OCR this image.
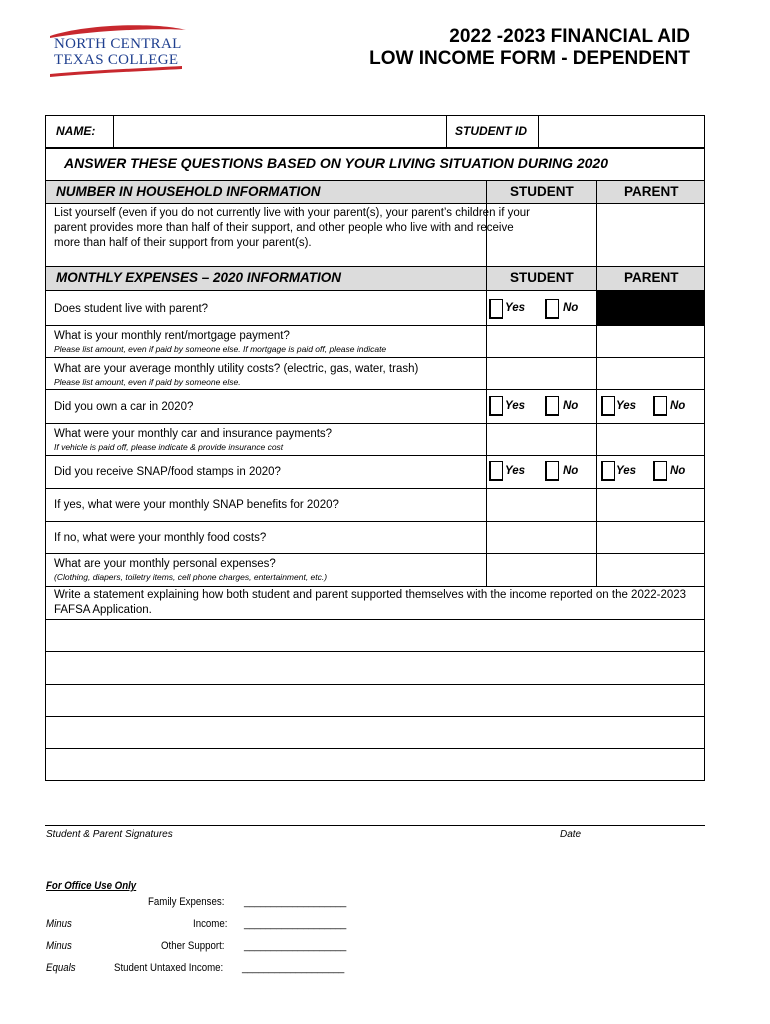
NORTH CENTRAL
TEXAS COLLEGE
2022 -2023 FINANCIAL AID
LOW INCOME FORM - DEPENDENT
NAME:	STUDENT ID
ANSWER THESE QUESTIONS BASED ON YOUR LIVING SITUATION DURING 2020
NUMBER IN HOUSEHOLD INFORMATION	STUDENT	PARENT
List yourself (even if you do not currently live with your parent(s), your parent’s children if your parent provides more than half of their support, and other people who live with and receive more than half of their support from your parent(s).
MONTHLY EXPENSES – 2020 INFORMATION	STUDENT	PARENT
Does student live with parent?	Yes	No
What is your monthly rent/mortgage payment?
Please list amount, even if paid by someone else. If mortgage is paid off, please indicate
What are your average monthly utility costs? (electric, gas, water, trash)
Please list amount, even if paid by someone else.
Did you own a car in 2020?	Yes	No	Yes	No
What were your monthly car and insurance payments?
If vehicle is paid off, please indicate & provide insurance cost
Did you receive SNAP/food stamps in 2020?	Yes	No	Yes	No
If yes, what were your monthly SNAP benefits for 2020?
If no, what were your monthly food costs?
What are your monthly personal expenses?
(Clothing, diapers, toiletry items, cell phone charges, entertainment, etc.)
Write a statement explaining how both student and parent supported themselves with the income reported on the 2022-2023 FAFSA Application.
Student & Parent Signatures	Date
For Office Use Only
Family Expenses: ___________________
Minus	Income: ___________________
Minus	Other Support: ___________________
Equals	Student Untaxed Income: ___________________
